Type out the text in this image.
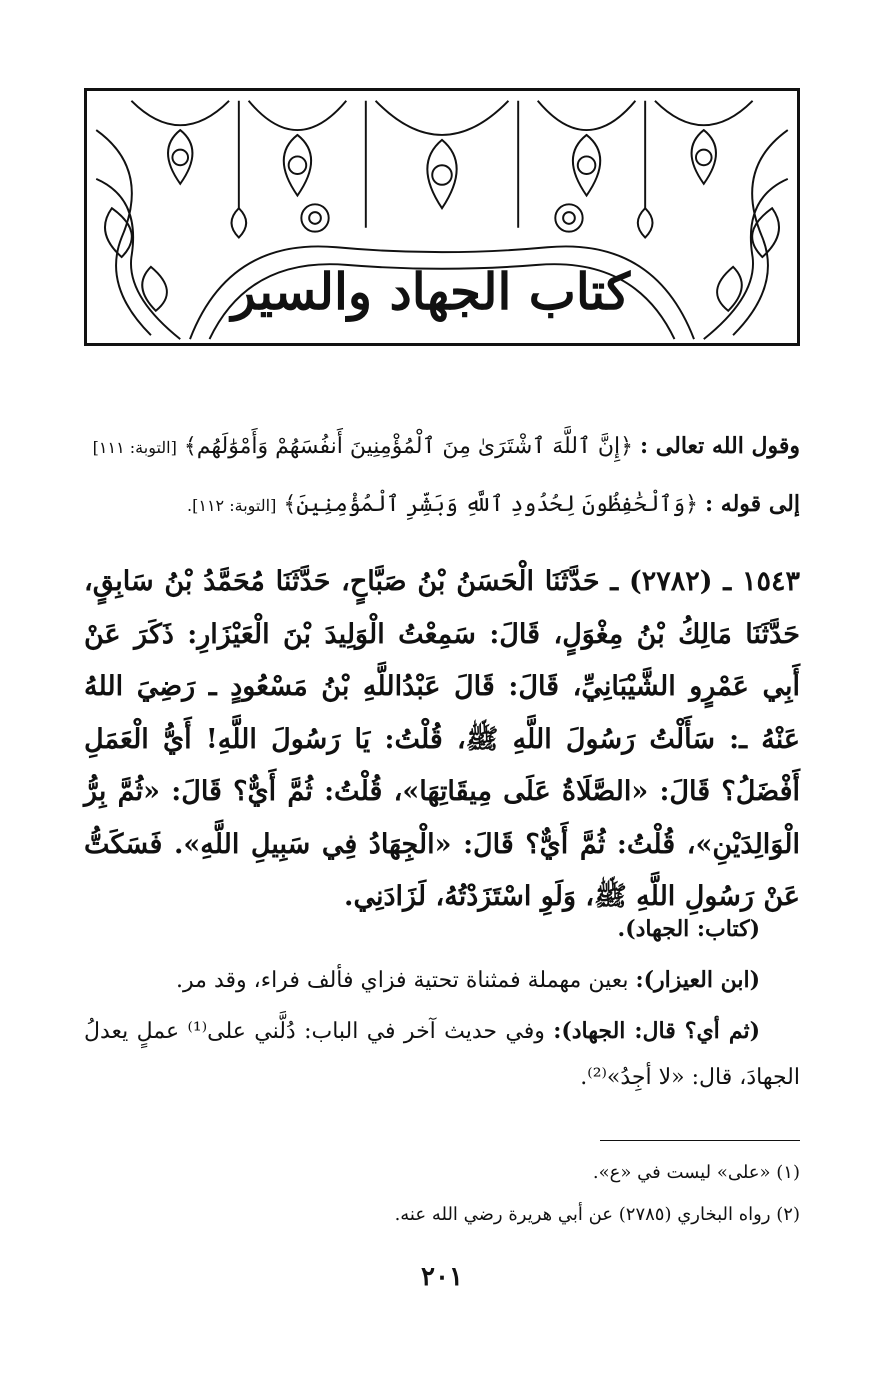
كتاب الجهاد والسير

وقول الله تعالى : ﴿إِنَّ ٱللَّهَ ٱشْتَرَىٰ مِنَ ٱلْمُؤْمِنِينَ أَنفُسَهُمْ وَأَمْوَٰلَهُم﴾ [التوبة: ١١١]

إلى قوله : ﴿وَٱلْحَٰفِظُونَ لِحُدُودِ ٱللَّهِ وَبَشِّرِ ٱلْمُؤْمِنِينَ﴾ [التوبة: ١١٢].

١٥٤٣ ـ (٢٧٨٢) ـ حَدَّثَنَا الْحَسَنُ بْنُ صَبَّاحٍ، حَدَّثَنَا مُحَمَّدُ بْنُ سَابِقٍ، حَدَّثَنَا مَالِكُ بْنُ مِغْوَلٍ، قَالَ: سَمِعْتُ الْوَلِيدَ بْنَ الْعَيْزَارِ: ذَكَرَ عَنْ أَبِي عَمْرٍو الشَّيْبَانِيِّ، قَالَ: قَالَ عَبْدُاللَّهِ بْنُ مَسْعُودٍ ـ رَضِيَ اللهُ عَنْهُ ـ: سَأَلْتُ رَسُولَ اللَّهِ ﷺ، قُلْتُ: يَا رَسُولَ اللَّهِ! أَيُّ الْعَمَلِ أَفْضَلُ؟ قَالَ: «الصَّلَاةُ عَلَى مِيقَاتِهَا»، قُلْتُ: ثُمَّ أَيٌّ؟ قَالَ: «ثُمَّ بِرُّ الْوَالِدَيْنِ»، قُلْتُ: ثُمَّ أَيٌّ؟ قَالَ: «الْجِهَادُ فِي سَبِيلِ اللَّهِ». فَسَكَتُّ عَنْ رَسُولِ اللَّهِ ﷺ، وَلَوِ اسْتَزَدْتُهُ، لَزَادَنِي.

(كتاب: الجهاد).

(ابن العيزار): بعين مهملة فمثناة تحتية فزاي فألف فراء، وقد مر.

(ثم أي؟ قال: الجهاد): وفي حديث آخر في الباب: دُلَّني على⁽¹⁾ عملٍ يعدلُ الجهادَ، قال: «لا أجِدُ»⁽²⁾.

(١) «على» ليست في «ع».

(٢) رواه البخاري (٢٧٨٥) عن أبي هريرة رضي الله عنه.

٢٠١
